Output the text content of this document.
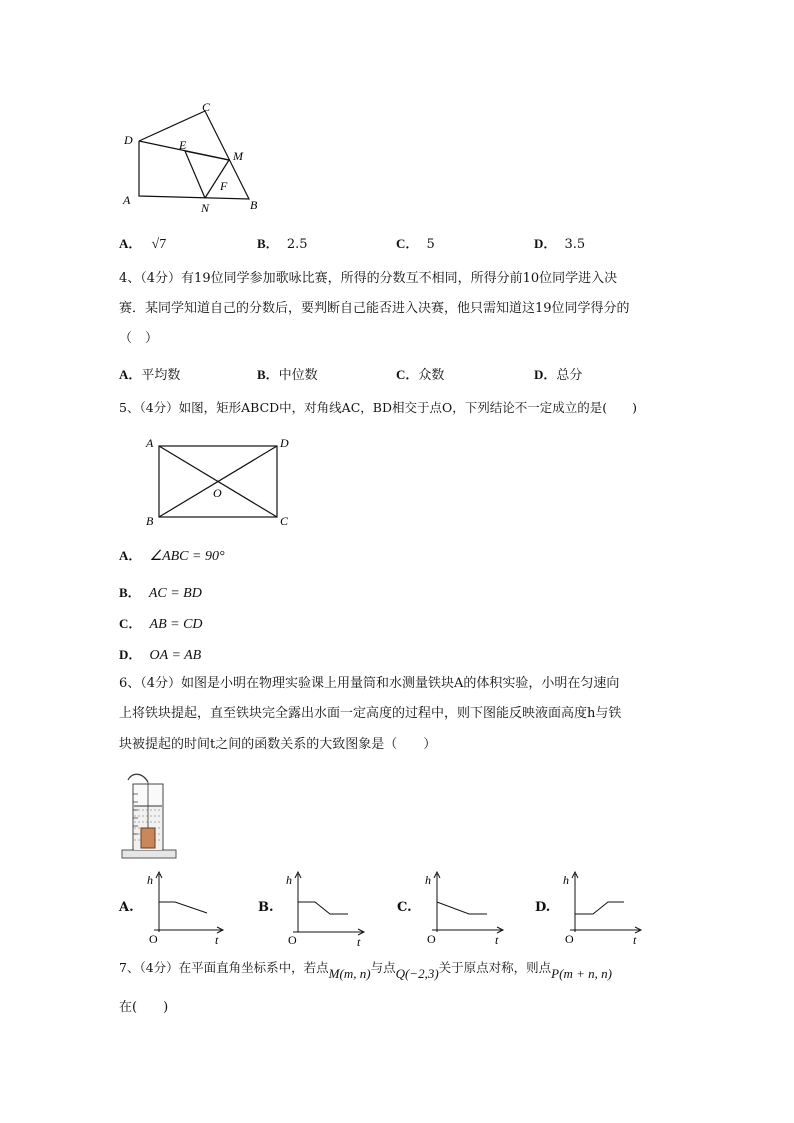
C
D	E
M
F
A
N	B
A． √7	B． 2.5	C． 5	D． 3.5
4、（4分）有19位同学参加歌咏比赛，所得的分数互不相同，所得分前10位同学进入决
赛．某同学知道自己的分数后，要判断自己能否进入决赛，他只需知道这19位同学得分的
（　）
A．平均数	B．中位数	C．众数	D．总分
5、（4分）如图，矩形ABCD中，对角线AC，BD相交于点O，下列结论不一定成立的是(　　)
A	D
O
B	C
A． ∠ABC = 90°
B． AC = BD
C． AB = CD
D． OA = AB
6、（4分）如图是小明在物理实验课上用量筒和水测量铁块A的体积实验，小明在匀速向
上将铁块提起，直至铁块完全露出水面一定高度的过程中，则下图能反映液面高度h与铁
块被提起的时间t之间的函数关系的大致图象是（　　）
A.	B.	C.	D.
h
O	t
h
O	t
h
O	t
h
O	t
7、（4分）在平面直角坐标系中，若点M(m, n)与点Q(−2,3)关于原点对称，则点P(m + n, n)
在(　　)
